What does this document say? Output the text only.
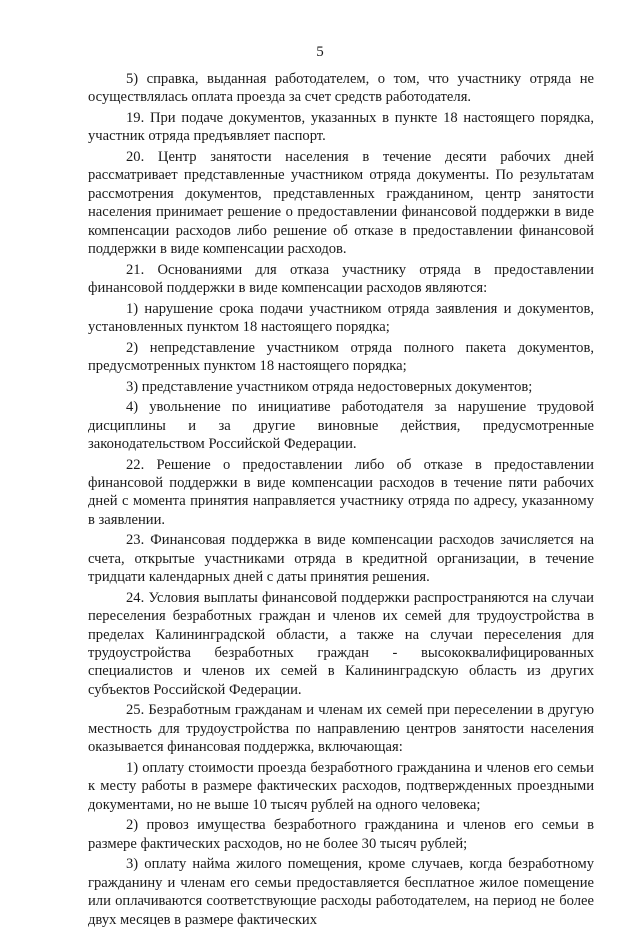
5

5) справка, выданная работодателем, о том, что участнику отряда не осуществлялась оплата проезда за счет средств работодателя.

19. При подаче документов, указанных в пункте 18 настоящего порядка, участник отряда предъявляет паспорт.

20. Центр занятости населения в течение десяти рабочих дней рассматривает представленные участником отряда документы. По результатам рассмотрения документов, представленных гражданином, центр занятости населения принимает решение о предоставлении финансовой поддержки в виде компенсации расходов либо решение об отказе в предоставлении финансовой поддержки в виде компенсации расходов.

21. Основаниями для отказа участнику отряда в предоставлении финансовой поддержки в виде компенсации расходов являются:

1) нарушение срока подачи участником отряда заявления и документов, установленных пунктом 18 настоящего порядка;

2) непредставление участником отряда полного пакета документов, предусмотренных пунктом 18 настоящего порядка;

3) представление участником отряда недостоверных документов;

4) увольнение по инициативе работодателя за нарушение трудовой дисциплины и за другие виновные действия, предусмотренные законодательством Российской Федерации.

22. Решение о предоставлении либо об отказе в предоставлении финансовой поддержки в виде компенсации расходов в течение пяти рабочих дней с момента принятия направляется участнику отряда по адресу, указанному в заявлении.

23. Финансовая поддержка в виде компенсации расходов зачисляется на счета, открытые участниками отряда в кредитной организации, в течение тридцати календарных дней с даты принятия решения.

24. Условия выплаты финансовой поддержки распространяются на случаи переселения безработных граждан и членов их семей для трудоустройства в пределах Калининградской области, а также на случаи переселения для трудоустройства безработных граждан - высококвалифицированных специалистов и членов их семей в Калининградскую область из других субъектов Российской Федерации.

25. Безработным гражданам и членам их семей при переселении в другую местность для трудоустройства по направлению центров занятости населения оказывается финансовая поддержка, включающая:

1) оплату стоимости проезда безработного гражданина и членов его семьи к месту работы в размере фактических расходов, подтвержденных проездными документами, но не выше 10 тысяч рублей на одного человека;

2) провоз имущества безработного гражданина и членов его семьи в размере фактических расходов, но не более 30 тысяч рублей;

3) оплату найма жилого помещения, кроме случаев, когда безработному гражданину и членам его семьи предоставляется бесплатное жилое помещение или оплачиваются соответствующие расходы работодателем, на период не более двух месяцев в размере фактических
